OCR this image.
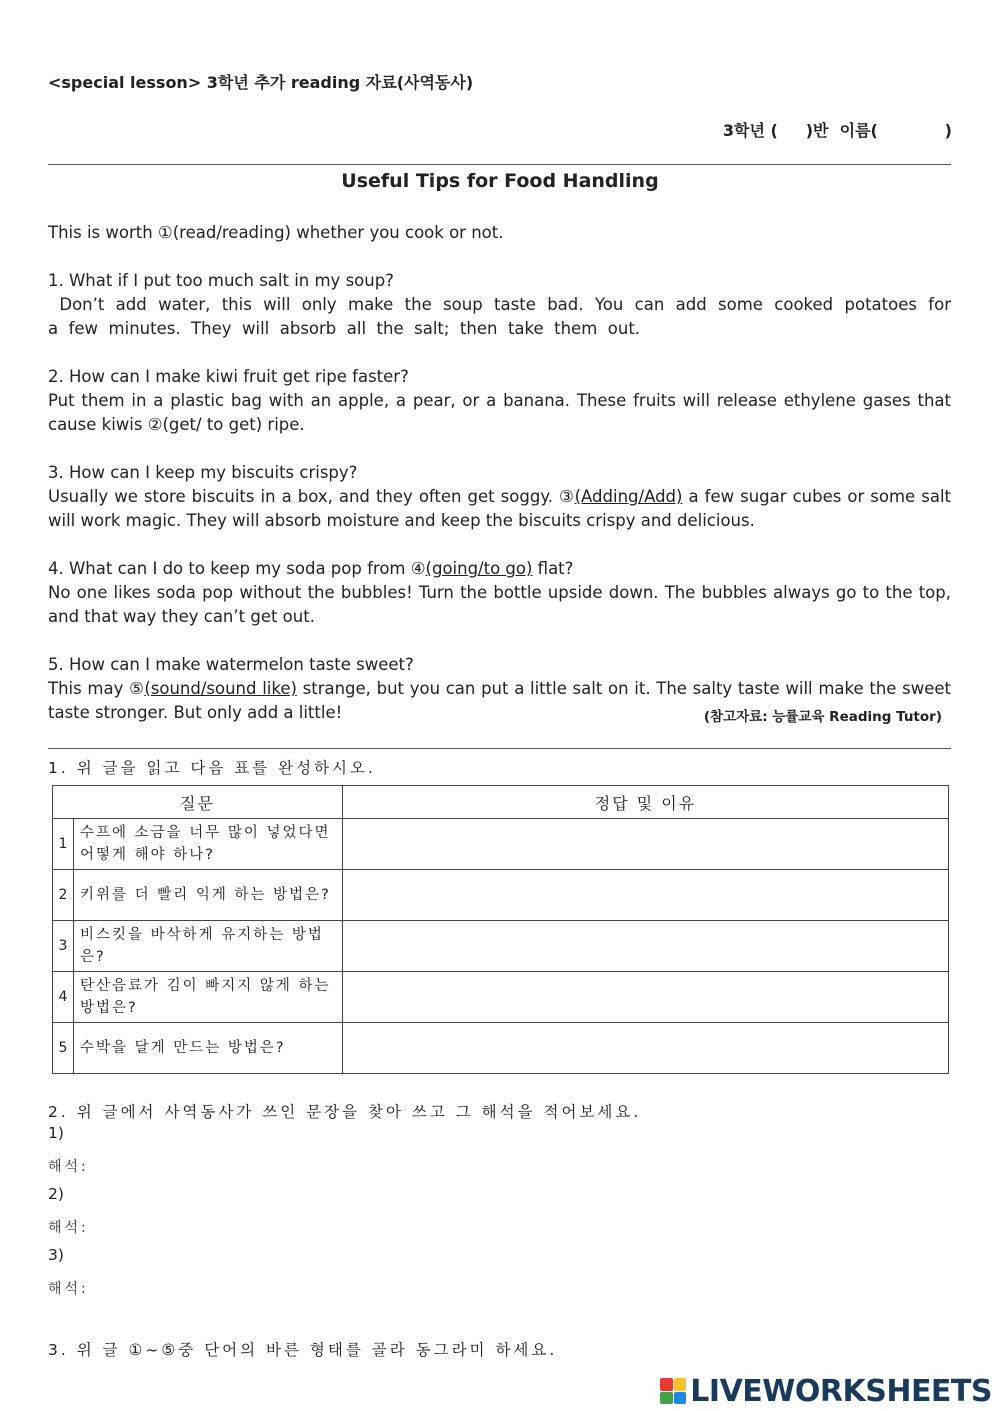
<special lesson> 3학년 추가 reading 자료(사역동사)
3학년 (     )반  이름(            )
Useful Tips for Food Handling
This is worth ①(read/reading) whether you cook or not.
1. What if I put too much salt in my soup?
Don’t  add  water,  this  will  only  make  the  soup  taste  bad.  You  can  add  some  cooked  potatoes  for  a  few  minutes.  They  will  absorb  all  the  salt;  then  take  them  out.
2. How can I make kiwi fruit get ripe faster?
Put them in a plastic bag with an apple, a pear, or a banana. These fruits will release ethylene gases that cause kiwis ②(get/ to get) ripe.
3. How can I keep my biscuits crispy?
Usually we store biscuits in a box, and they often get soggy. ③(Adding/Add) a few sugar cubes or some salt will work magic. They will absorb moisture and keep the biscuits crispy and delicious.
4. What can I do to keep my soda pop from ④(going/to go) flat?
No one likes soda pop without the bubbles! Turn the bottle upside down. The bubbles always go to the top, and that way they can’t get out.
5. How can I make watermelon taste sweet?
This may ⑤(sound/sound like) strange, but you can put a little salt on it. The salty taste will make the sweet taste stronger. But only add a little!	(참고자료: 능률교육 Reading Tutor)
1. 위 글을 읽고 다음 표를 완성하시오.
질문		정답 및 이유
1	수프에 소금을 너무 많이 넣었다면 어떻게 해야 하나?	
2	키위를 더 빨리 익게 하는 방법은?	
3	비스킷을 바삭하게 유지하는 방법은?	
4	탄산음료가 김이 빠지지 않게 하는 방법은?	
5	수박을 달게 만드는 방법은?	
2. 위 글에서 사역동사가 쓰인 문장을 찾아 쓰고 그 해석을 적어보세요.
1)
해석:
2)
해석:
3)
해석:
3. 위 글 ①~⑤중 단어의 바른 형태를 골라 동그라미 하세요.
LIVEWORKSHEETS
